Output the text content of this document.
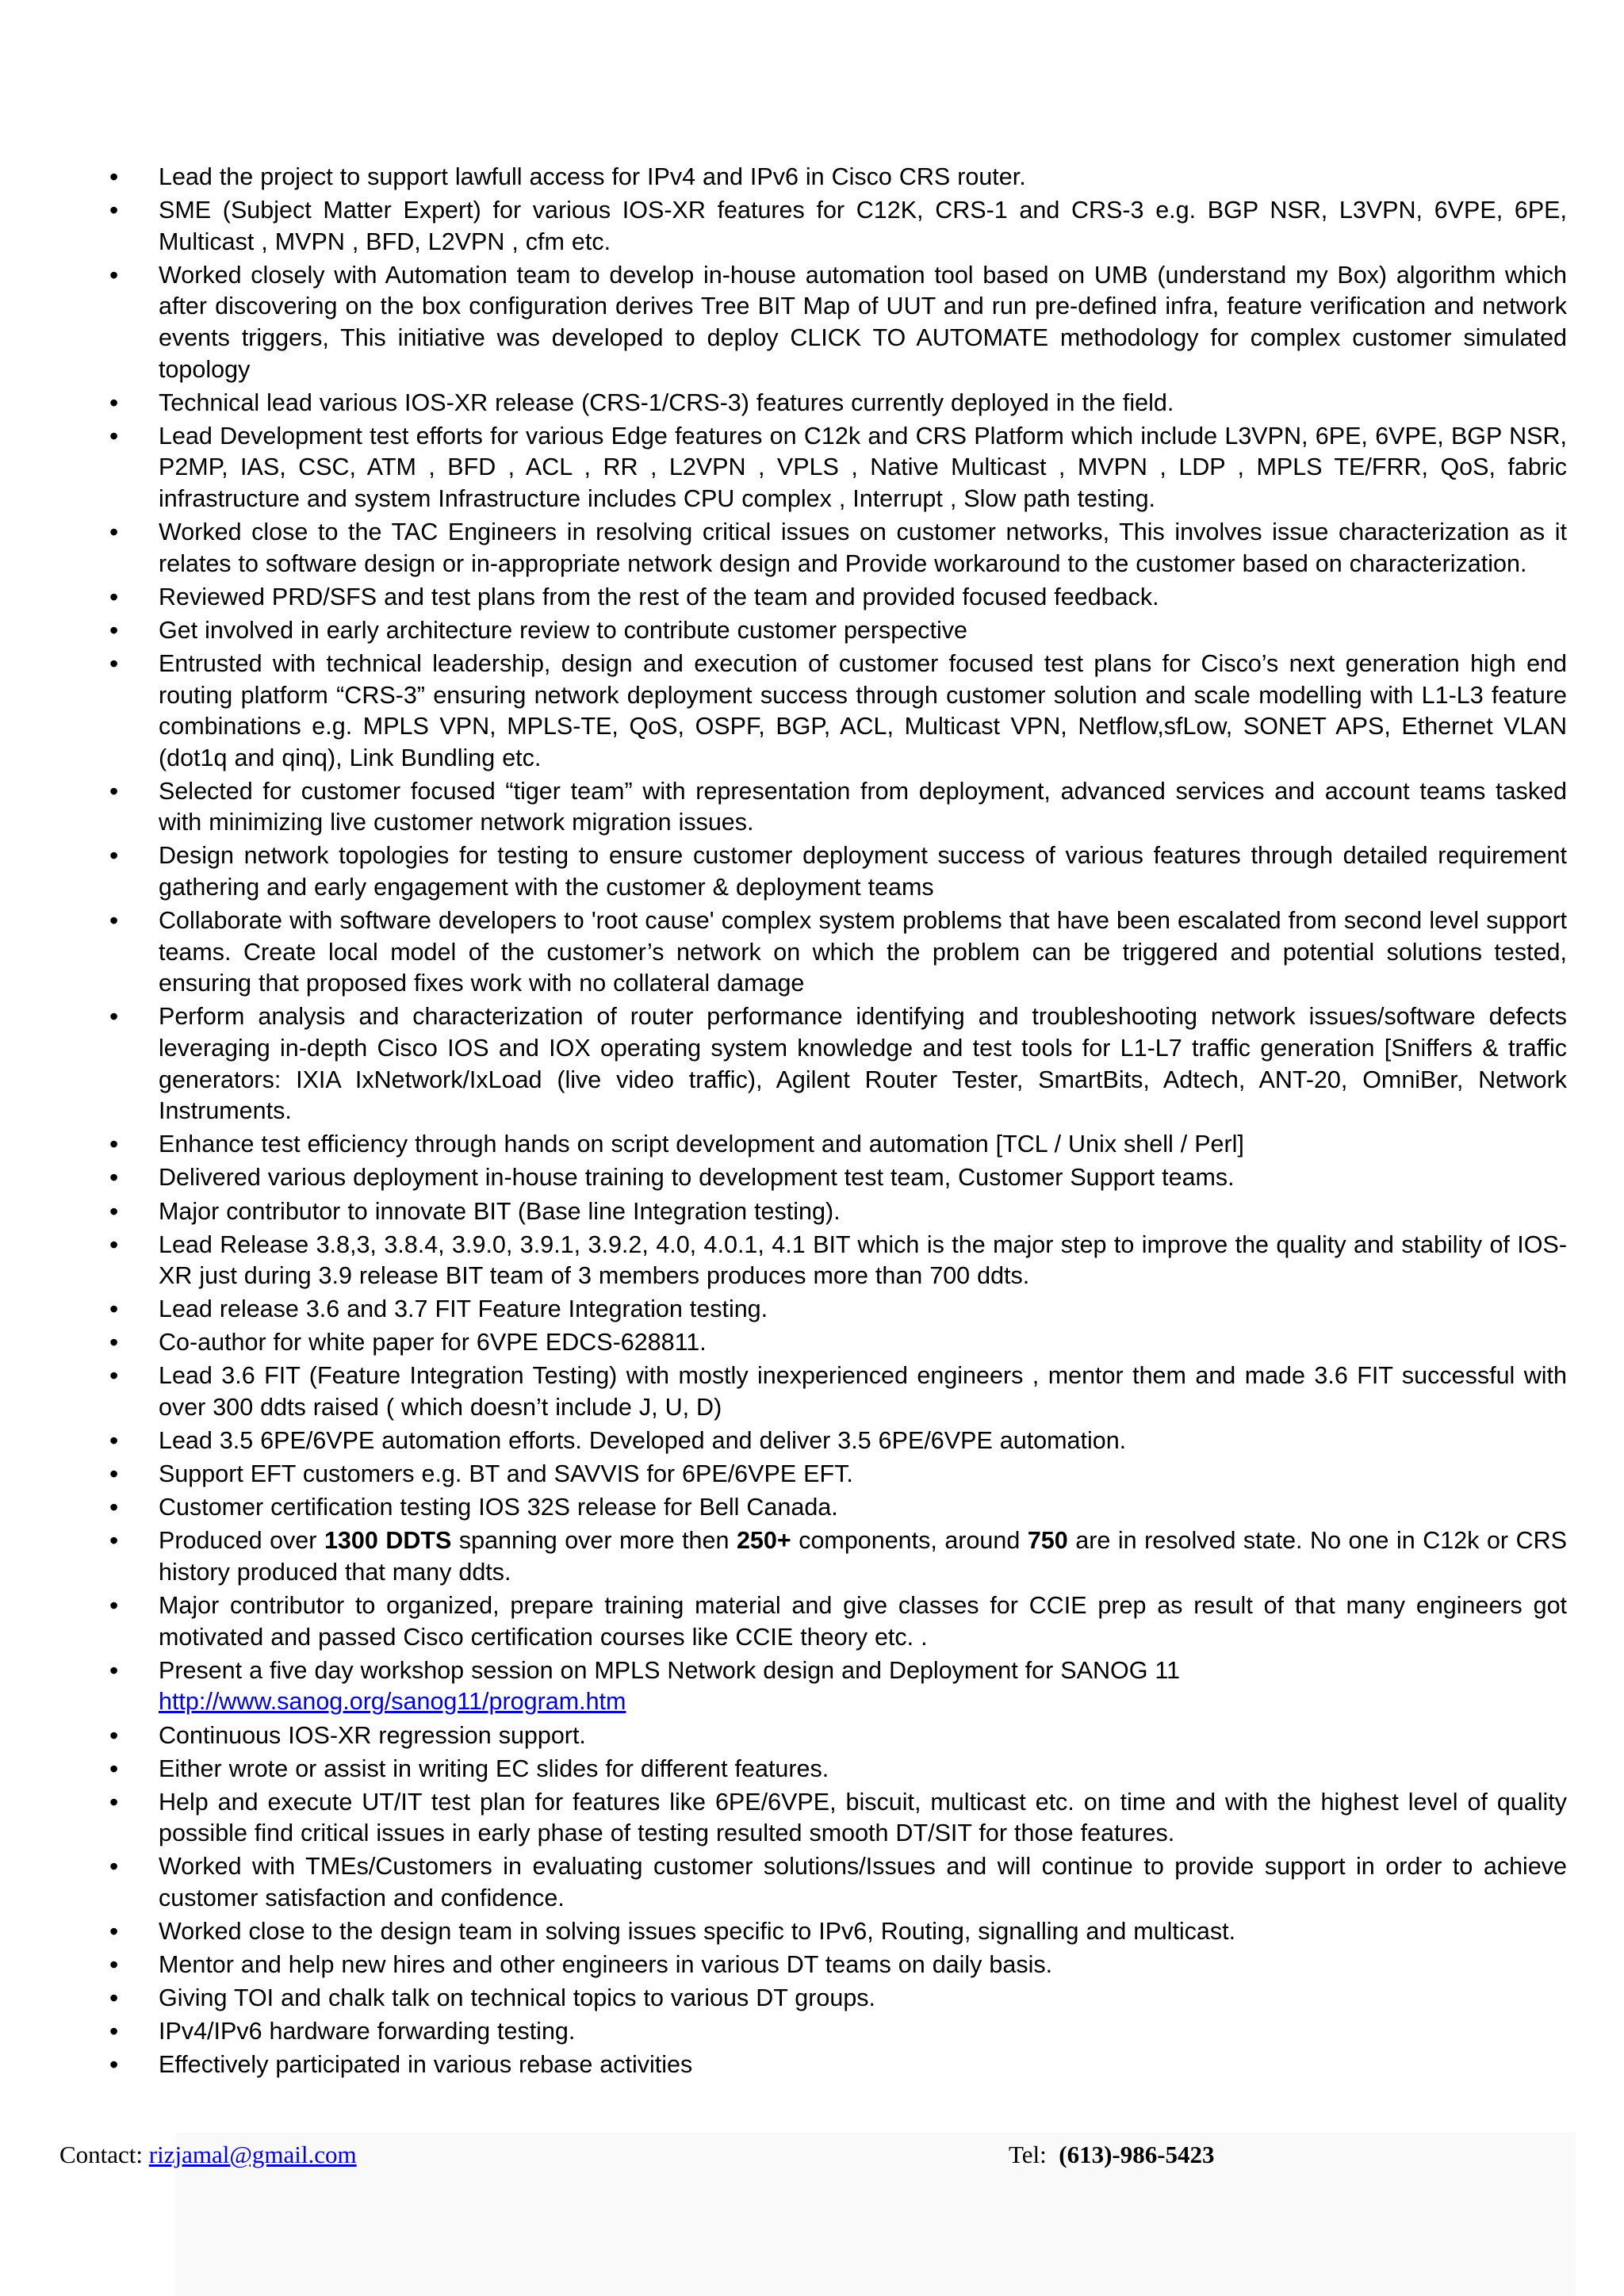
• Lead the project to support lawfull access for IPv4 and IPv6 in Cisco CRS router.
• SME (Subject Matter Expert) for various IOS-XR features for C12K, CRS-1 and CRS-3 e.g. BGP NSR, L3VPN, 6VPE, 6PE, Multicast , MVPN , BFD, L2VPN , cfm etc.
• Worked closely with Automation team to develop in-house automation tool based on UMB (understand my Box) algorithm which after discovering on the box configuration derives Tree BIT Map of UUT and run pre-defined infra, feature verification and network events triggers, This initiative was developed to deploy CLICK TO AUTOMATE methodology for complex customer simulated topology
• Technical lead various IOS-XR release (CRS-1/CRS-3) features currently deployed in the field.
• Lead Development test efforts for various Edge features on C12k and CRS Platform which include L3VPN, 6PE, 6VPE, BGP NSR, P2MP, IAS, CSC, ATM , BFD , ACL , RR , L2VPN , VPLS , Native Multicast , MVPN , LDP , MPLS TE/FRR, QoS, fabric infrastructure and system Infrastructure includes CPU complex , Interrupt , Slow path testing.
• Worked close to the TAC Engineers in resolving critical issues on customer networks, This involves issue characterization as it relates to software design or in-appropriate network design and Provide workaround to the customer based on characterization.
• Reviewed PRD/SFS and test plans from the rest of the team and provided focused feedback.
• Get involved in early architecture review to contribute customer perspective
• Entrusted with technical leadership, design and execution of customer focused test plans for Cisco’s next generation high end routing platform “CRS-3” ensuring network deployment success through customer solution and scale modelling with L1-L3 feature combinations e.g. MPLS VPN, MPLS-TE, QoS, OSPF, BGP, ACL, Multicast VPN, Netflow,sfLow, SONET APS, Ethernet VLAN (dot1q and qinq), Link Bundling etc.
• Selected for customer focused “tiger team” with representation from deployment, advanced services and account teams tasked with minimizing live customer network migration issues.
• Design network topologies for testing to ensure customer deployment success of various features through detailed requirement gathering and early engagement with the customer & deployment teams
• Collaborate with software developers to 'root cause' complex system problems that have been escalated from second level support teams. Create local model of the customer’s network on which the problem can be triggered and potential solutions tested, ensuring that proposed fixes work with no collateral damage
• Perform analysis and characterization of router performance identifying and troubleshooting network issues/software defects leveraging in-depth Cisco IOS and IOX operating system knowledge and test tools for L1-L7 traffic generation [Sniffers & traffic generators: IXIA IxNetwork/IxLoad (live video traffic), Agilent Router Tester, SmartBits, Adtech, ANT-20, OmniBer, Network Instruments.
• Enhance test efficiency through hands on script development and automation [TCL / Unix shell / Perl]
• Delivered various deployment in-house training to development test team, Customer Support teams.
• Major contributor to innovate BIT (Base line Integration testing).
• Lead Release 3.8,3, 3.8.4, 3.9.0, 3.9.1, 3.9.2, 4.0, 4.0.1, 4.1 BIT which is the major step to improve the quality and stability of IOS-XR just during 3.9 release BIT team of 3 members produces more than 700 ddts.
• Lead release 3.6 and 3.7 FIT Feature Integration testing.
• Co-author for white paper for 6VPE EDCS-628811.
• Lead 3.6 FIT (Feature Integration Testing) with mostly inexperienced engineers , mentor them and made 3.6 FIT successful with over 300 ddts raised ( which doesn’t include J, U, D)
• Lead 3.5 6PE/6VPE automation efforts. Developed and deliver 3.5 6PE/6VPE automation.
• Support EFT customers e.g. BT and SAVVIS for 6PE/6VPE EFT.
• Customer certification testing IOS 32S release for Bell Canada.
• Produced over 1300 DDTS spanning over more then 250+ components, around 750 are in resolved state. No one in C12k or CRS history produced that many ddts.
• Major contributor to organized, prepare training material and give classes for CCIE prep as result of that many engineers got motivated and passed Cisco certification courses like CCIE theory etc. .
• Present a five day workshop session on MPLS Network design and Deployment for SANOG 11
http://www.sanog.org/sanog11/program.htm
• Continuous IOS-XR regression support.
• Either wrote or assist in writing EC slides for different features.
• Help and execute UT/IT test plan for features like 6PE/6VPE, biscuit, multicast etc. on time and with the highest level of quality possible find critical issues in early phase of testing resulted smooth DT/SIT for those features.
• Worked with TMEs/Customers in evaluating customer solutions/Issues and will continue to provide support in order to achieve customer satisfaction and confidence.
• Worked close to the design team in solving issues specific to IPv6, Routing, signalling and multicast.
• Mentor and help new hires and other engineers in various DT teams on daily basis.
• Giving TOI and chalk talk on technical topics to various DT groups.
• IPv4/IPv6 hardware forwarding testing.
• Effectively participated in various rebase activities
Contact: rizjamal@gmail.com	Tel: (613)-986-5423
